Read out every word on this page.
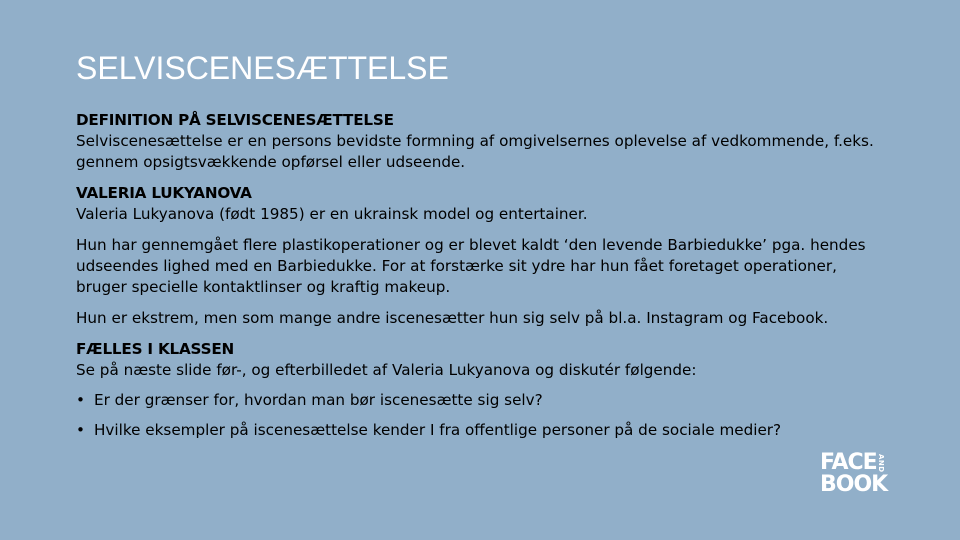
SELVISCENESÆTTELSE
DEFINITION PÅ SELVISCENESÆTTELSE
Selviscenesættelse er en persons bevidste formning af omgivelsernes oplevelse af vedkommende, f.eks. gennem opsigtsvækkende opførsel eller udseende.
VALERIA LUKYANOVA
Valeria Lukyanova (født 1985) er en ukrainsk model og entertainer.
Hun har gennemgået flere plastikoperationer og er blevet kaldt ‘den levende Barbiedukke’ pga. hendes udseendes lighed med en Barbiedukke. For at forstærke sit ydre har hun fået foretaget operationer, bruger specielle kontaktlinser og kraftig makeup.
Hun er ekstrem, men som mange andre iscenesætter hun sig selv på bl.a. Instagram og Facebook.
FÆLLES I KLASSEN
Se på næste slide før-, og efterbilledet af Valeria Lukyanova og diskutér følgende:
• Er der grænser for, hvordan man bør iscenesætte sig selv?
• Hvilke eksempler på iscenesættelse kender I fra offentlige personer på de sociale medier?
FACE AND
BOOK
